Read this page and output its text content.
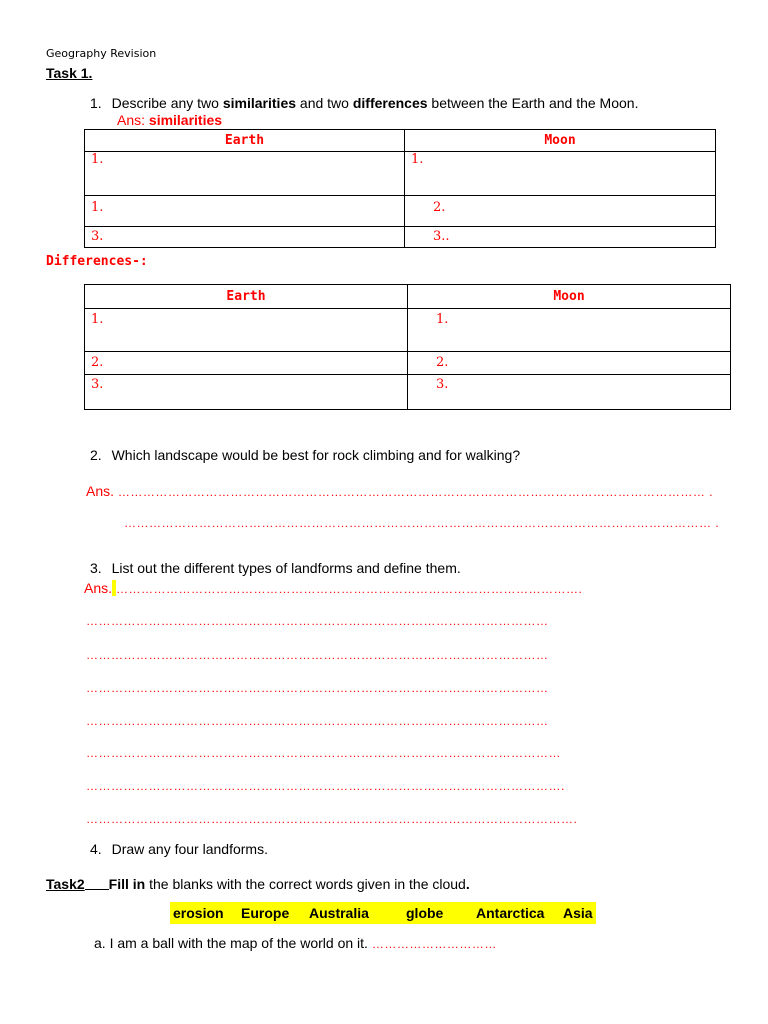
Geography Revision
Task 1.
1. Describe any two similarities and two differences between the Earth and the Moon.
Ans: similarities
Earth	Moon
1.	1.
1.	2.
3.	3..
Differences-:
Earth	Moon
1.	1.
2.	2.
3.	3.
2. Which landscape would be best for rock climbing and for walking?
Ans. …………………………………………………………………………………………………………………………… .
…………………………………………………………………………………………………………………………… .
3. List out the different types of landforms and define them.
Ans. ………………………………………………………………………………………………….
…………………………………………………………………………………………………
…………………………………………………………………………………………………
…………………………………………………………………………………………………
…………………………………………………………………………………………………
……………………………………………………………………………………………………
…………………………………………………………………………………………………….
……………………………………………………………………………………………………….
4. Draw any four landforms.
Task2 Fill in the blanks with the correct words given in the cloud.
erosion Europe Australia	globe Antarctica Asia
a. I am a ball with the map of the world on it. …………………………
